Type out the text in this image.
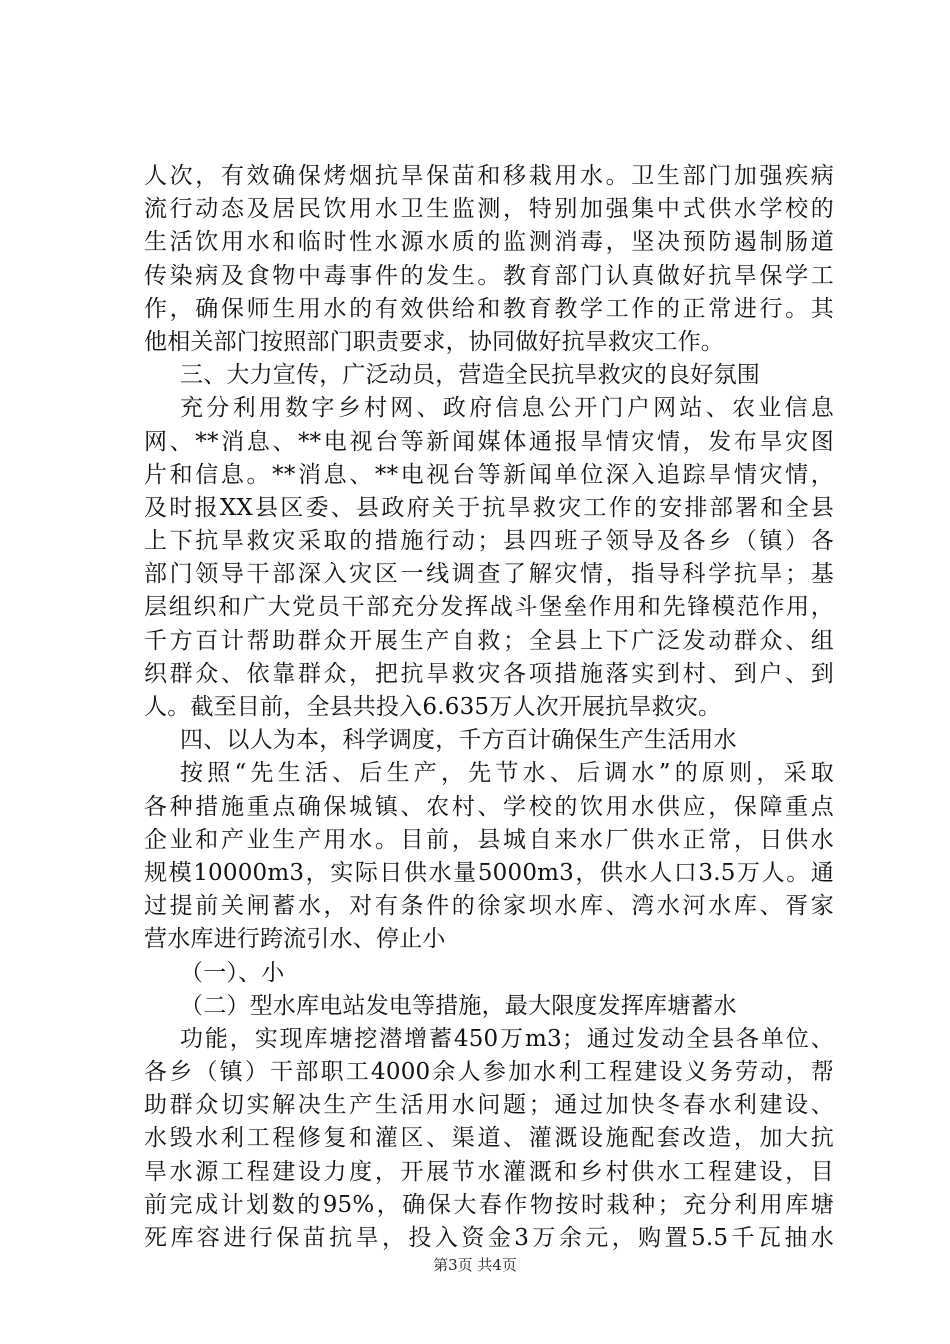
人次，有效确保烤烟抗旱保苗和移栽用水。卫生部门加强疾病
流行动态及居民饮用水卫生监测，特别加强集中式供水学校的
生活饮用水和临时性水源水质的监测消毒，坚决预防遏制肠道
传染病及食物中毒事件的发生。教育部门认真做好抗旱保学工
作，确保师生用水的有效供给和教育教学工作的正常进行。其
他相关部门按照部门职责要求，协同做好抗旱救灾工作。
三、大力宣传，广泛动员，营造全民抗旱救灾的良好氛围
充分利用数字乡村网、政府信息公开门户网站、农业信息
网、**消息、**电视台等新闻媒体通报旱情灾情，发布旱灾图
片和信息。**消息、**电视台等新闻单位深入追踪旱情灾情，
及时报XX县区委、县政府关于抗旱救灾工作的安排部署和全县
上下抗旱救灾采取的措施行动；县四班子领导及各乡（镇）各
部门领导干部深入灾区一线调查了解灾情，指导科学抗旱；基
层组织和广大党员干部充分发挥战斗堡垒作用和先锋模范作用，
千方百计帮助群众开展生产自救；全县上下广泛发动群众、组
织群众、依靠群众，把抗旱救灾各项措施落实到村、到户、到
人。截至目前，全县共投入6.635万人次开展抗旱救灾。
四、以人为本，科学调度，千方百计确保生产生活用水
按照“先生活、后生产，先节水、后调水”的原则，采取
各种措施重点确保城镇、农村、学校的饮用水供应，保障重点
企业和产业生产用水。目前，县城自来水厂供水正常，日供水
规模10000m3，实际日供水量5000m3，供水人口3.5万人。通
过提前关闸蓄水，对有条件的徐家坝水库、湾水河水库、胥家
营水库进行跨流引水、停止小
（一）、小
（二）型水库电站发电等措施，最大限度发挥库塘蓄水
功能，实现库塘挖潜增蓄450万m3；通过发动全县各单位、
各乡（镇）干部职工4000余人参加水利工程建设义务劳动，帮
助群众切实解决生产生活用水问题；通过加快冬春水利建设、
水毁水利工程修复和灌区、渠道、灌溉设施配套改造，加大抗
旱水源工程建设力度，开展节水灌溉和乡村供水工程建设，目
前完成计划数的95%，确保大春作物按时栽种；充分利用库塘
死库容进行保苗抗旱，投入资金3万余元，购置5.5千瓦抽水
第3页 共4页
